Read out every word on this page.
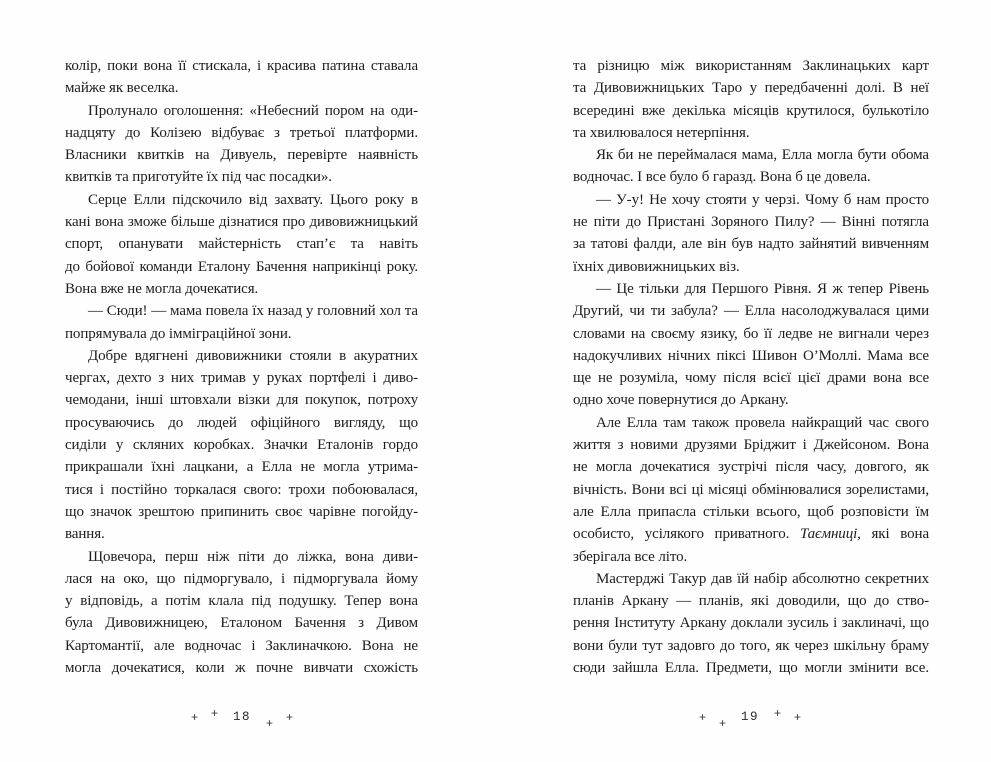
колір, поки вона її стискала, і красива патина ставала
майже як веселка.
Пролунало оголошення: «Небесний пором на оди-
надцяту до Колізею відбуває з третьої платформи.
Власники квитків на Дивуель, перевірте наявність
квитків та приготуйте їх під час посадки».
Серце Елли підскочило від захвату. Цього року в
кані вона зможе більше дізнатися про дивовижницький
спорт, опанувати майстерність стап’є та навіть
до бойової команди Еталону Бачення наприкінці року.
Вона вже не могла дочекатися.
— Сюди! — мама повела їх назад у головний хол та
попрямувала до імміграційної зони.
Добре вдягнені дивовижники стояли в акуратних
чергах, дехто з них тримав у руках портфелі і диво-
чемодани, інші штовхали візки для покупок, потроху
просуваючись до людей офіційного вигляду, що
сиділи у скляних коробках. Значки Еталонів гордо
прикрашали їхні лацкани, а Елла не могла утрима-
тися і постійно торкалася свого: трохи побоювалася,
що значок зрештою припинить своє чарівне погойду-
вання.
Щовечора, перш ніж піти до ліжка, вона диви-
лася на око, що підморгувало, і підморгувала йому
у відповідь, а потім клала під подушку. Тепер вона
була Дивовижницею, Еталоном Бачення з Дивом
Картомантії, але водночас і Заклиначкою. Вона не
могла дочекатися, коли ж почне вивчати схожість
та різницю між використанням Заклинацьких карт
та Дивовижницьких Таро у передбаченні долі. В неї
всередині вже декілька місяців крутилося, булькотіло
та хвилювалося нетерпіння.
Як би не переймалася мама, Елла могла бути обома
водночас. І все було б гаразд. Вона б це довела.
— У-у! Не хочу стояти у черзі. Чому б нам просто
не піти до Пристані Зоряного Пилу? — Вінні потягла
за татові фалди, але він був надто зайнятий вивченням
їхніх дивовижницьких віз.
— Це тільки для Першого Рівня. Я ж тепер Рівень
Другий, чи ти забула? — Елла насолоджувалася цими
словами на своєму язику, бо її ледве не вигнали через
надокучливих нічних піксі Шивон О’Моллі. Мама все
ще не розуміла, чому після всієї цієї драми вона все
одно хоче повернутися до Аркану.
Але Елла там також провела найкращий час свого
життя з новими друзями Бріджит і Джейсоном. Вона
не могла дочекатися зустрічі після часу, довгого, як
вічність. Вони всі ці місяці обмінювалися зорелистами,
але Елла припасла стільки всього, щоб розповісти їм
особисто, усілякого приватного. Таємниці, які вона
зберігала все літо.
Мастерджі Такур дав їй набір абсолютно секретних
планів Аркану — планів, які доводили, що до ство-
рення Інституту Аркану доклали зусиль і заклиначі, що
вони були тут задовго до того, як через шкільну браму
сюди зайшла Елла. Предмети, що могли змінити все.
+ + 18 + +	+ + 19 + +
